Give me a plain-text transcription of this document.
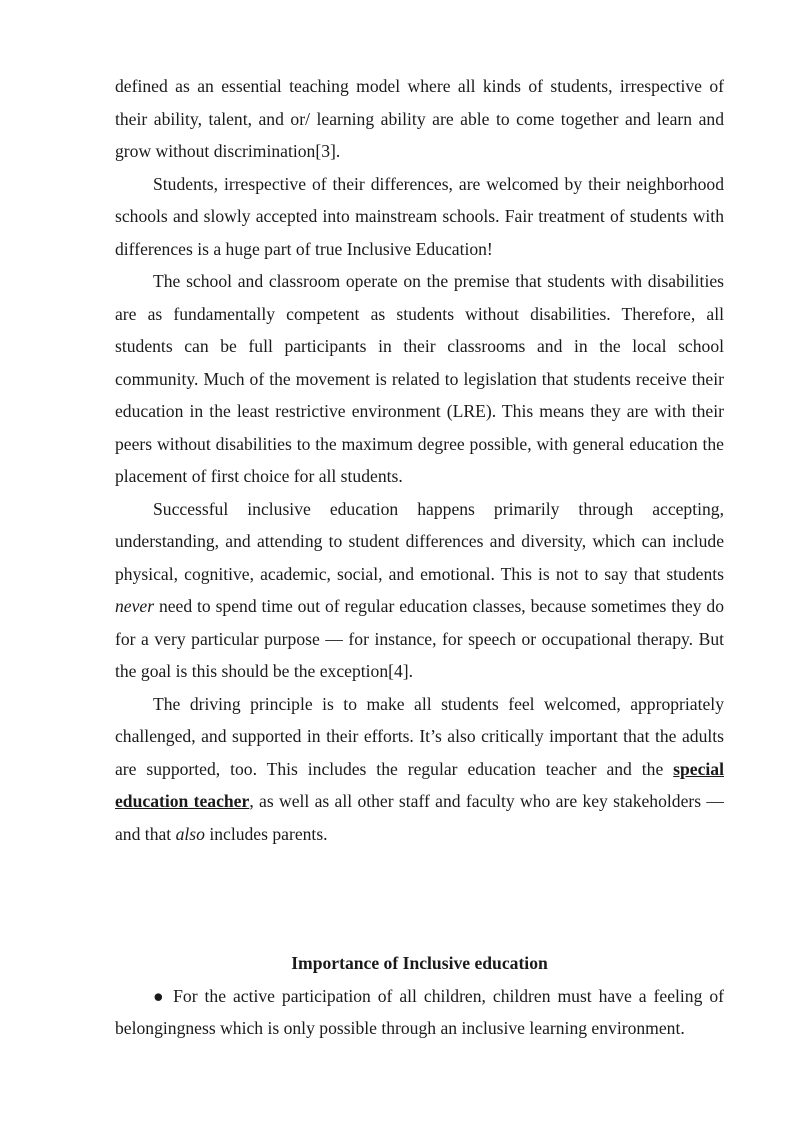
defined as an essential teaching model where all kinds of students, irrespective of their ability, talent, and or/ learning ability are able to come together and learn and grow without discrimination[3].

Students, irrespective of their differences, are welcomed by their neighborhood schools and slowly accepted into mainstream schools. Fair treatment of students with differences is a huge part of true Inclusive Education!

The school and classroom operate on the premise that students with disabilities are as fundamentally competent as students without disabilities. Therefore, all students can be full participants in their classrooms and in the local school community. Much of the movement is related to legislation that students receive their education in the least restrictive environment (LRE). This means they are with their peers without disabilities to the maximum degree possible, with general education the placement of first choice for all students.

Successful inclusive education happens primarily through accepting, understanding, and attending to student differences and diversity, which can include physical, cognitive, academic, social, and emotional. This is not to say that students never need to spend time out of regular education classes, because sometimes they do for a very particular purpose — for instance, for speech or occupational therapy. But the goal is this should be the exception[4].

The driving principle is to make all students feel welcomed, appropriately challenged, and supported in their efforts. It’s also critically important that the adults are supported, too. This includes the regular education teacher and the special education teacher, as well as all other staff and faculty who are key stakeholders — and that also includes parents.

Importance of Inclusive education

● For the active participation of all children, children must have a feeling of belongingness which is only possible through an inclusive learning environment.
